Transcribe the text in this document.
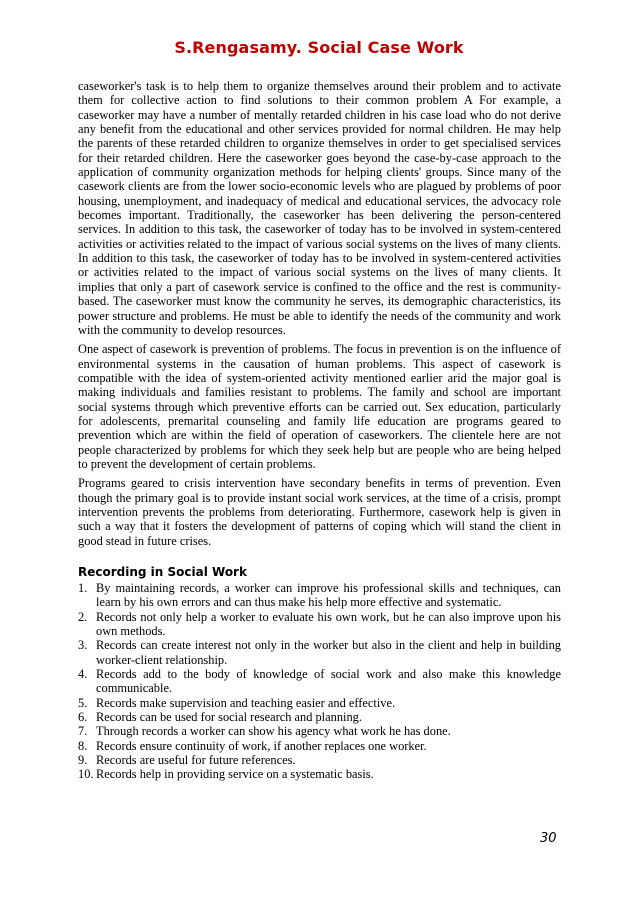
S.Rengasamy. Social Case Work

caseworker's task is to help them to organize themselves around their problem and to activate them for collective action to find solutions to their common problem A For example, a caseworker may have a number of mentally retarded children in his case load who do not derive any benefit from the educational and other services provided for normal children. He may help the parents of these retarded children to organize themselves in order to get specialised services for their retarded children. Here the caseworker goes beyond the case-by-case approach to the application of community organization methods for helping clients' groups. Since many of the casework clients are from the lower socio-economic levels who are plagued by problems of poor housing, unemployment, and inadequacy of medical and educational services, the advocacy role becomes important. Traditionally, the caseworker has been delivering the person-centered services. In addition to this task, the caseworker of today has to be involved in system-centered activities or activities related to the impact of various social systems on the lives of many clients. In addition to this task, the caseworker of today has to be involved in system-centered activities or activities related to the impact of various social systems on the lives of many clients. It implies that only a part of casework service is confined to the office and the rest is community-based. The caseworker must know the community he serves, its demographic characteristics, its power structure and problems. He must be able to identify the needs of the community and work with the community to develop resources.

One aspect of casework is prevention of problems. The focus in prevention is on the influence of environmental systems in the causation of human problems. This aspect of casework is compatible with the idea of system-oriented activity mentioned earlier arid the major goal is making individuals and families resistant to problems. The family and school are important social systems through which preventive efforts can be carried out. Sex education, particularly for adolescents, premarital counseling and family life education are programs geared to prevention which are within the field of operation of caseworkers. The clientele here are not people characterized by problems for which they seek help but are people who are being helped to prevent the development of certain problems.

Programs geared to crisis intervention have secondary benefits in terms of prevention. Even though the primary goal is to provide instant social work services, at the time of a crisis, prompt intervention prevents the problems from deteriorating. Furthermore, casework help is given in such a way that it fosters the development of patterns of coping which will stand the client in good stead in future crises.

Recording in Social Work
1. By maintaining records, a worker can improve his professional skills and techniques, can learn by his own errors and can thus make his help more effective and systematic.
2. Records not only help a worker to evaluate his own work, but he can also improve upon his own methods.
3. Records can create interest not only in the worker but also in the client and help in building worker-client relationship.
4. Records add to the body of knowledge of social work and also make this knowledge communicable.
5. Records make supervision and teaching easier and effective.
6. Records can be used for social research and planning.
7. Through records a worker can show his agency what work he has done.
8. Records ensure continuity of work, if another replaces one worker.
9. Records are useful for future references.
10. Records help in providing service on a systematic basis.
30
